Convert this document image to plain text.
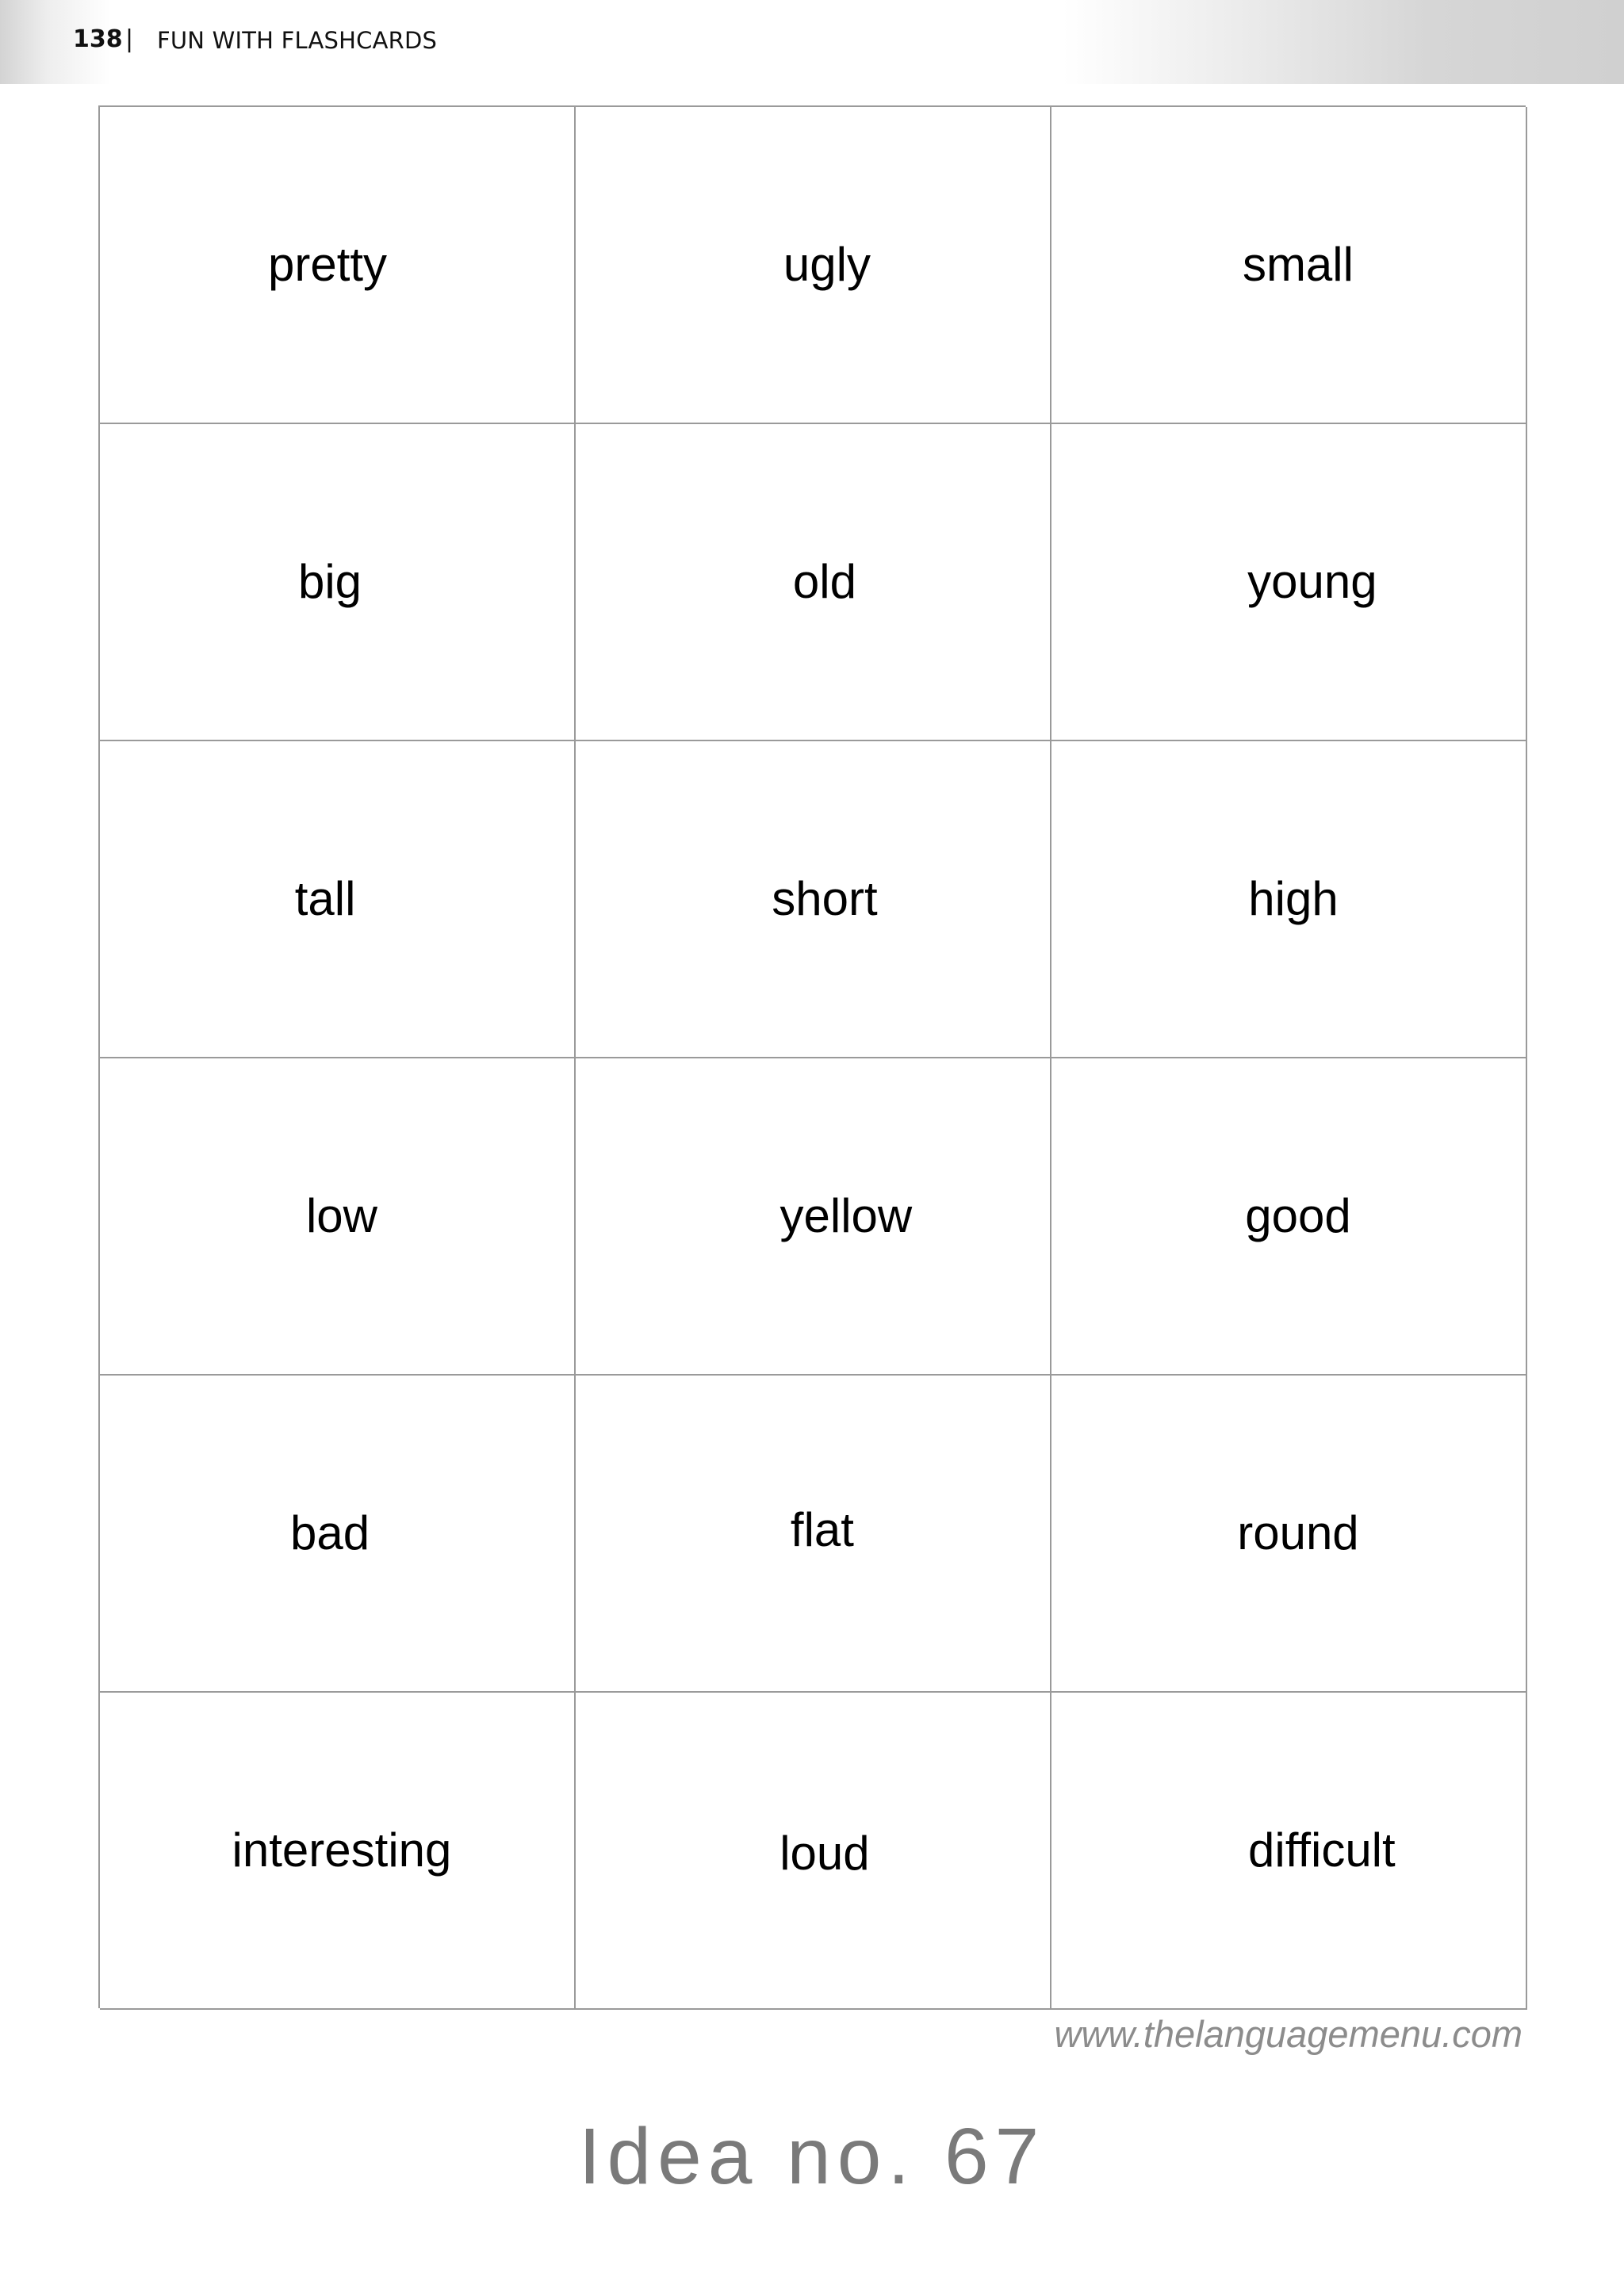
138 | FUN WITH FLASHCARDS
pretty	ugly	small
big	old	young
tall	short	high
low	yellow	good
bad	flat	round
interesting	loud	difficult
www.thelanguagemenu.com
Idea no. 67
